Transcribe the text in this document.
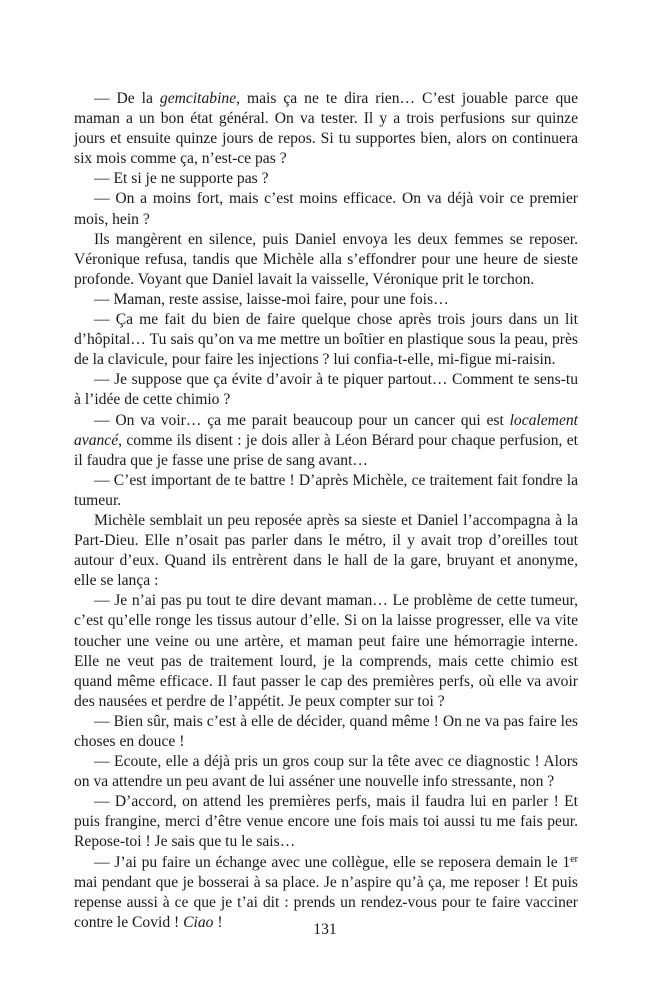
— De la gemcitabine, mais ça ne te dira rien… C’est jouable parce que maman a un bon état général. On va tester. Il y a trois perfusions sur quinze jours et ensuite quinze jours de repos. Si tu supportes bien, alors on continuera six mois comme ça, n’est-ce pas ?

— Et si je ne supporte pas ?

— On a moins fort, mais c’est moins efficace. On va déjà voir ce premier mois, hein ?

Ils mangèrent en silence, puis Daniel envoya les deux femmes se reposer. Véronique refusa, tandis que Michèle alla s’effondrer pour une heure de sieste profonde. Voyant que Daniel lavait la vaisselle, Véronique prit le torchon.

— Maman, reste assise, laisse-moi faire, pour une fois…

— Ça me fait du bien de faire quelque chose après trois jours dans un lit d’hôpital… Tu sais qu’on va me mettre un boîtier en plastique sous la peau, près de la clavicule, pour faire les injections ? lui confia-t-elle, mi-figue mi-raisin.

— Je suppose que ça évite d’avoir à te piquer partout… Comment te sens-tu à l’idée de cette chimio ?

— On va voir… ça me parait beaucoup pour un cancer qui est localement avancé, comme ils disent : je dois aller à Léon Bérard pour chaque perfusion, et il faudra que je fasse une prise de sang avant…

— C’est important de te battre ! D’après Michèle, ce traitement fait fondre la tumeur.

Michèle semblait un peu reposée après sa sieste et Daniel l’accompagna à la Part-Dieu. Elle n’osait pas parler dans le métro, il y avait trop d’oreilles tout autour d’eux. Quand ils entrèrent dans le hall de la gare, bruyant et anonyme, elle se lança :

— Je n’ai pas pu tout te dire devant maman… Le problème de cette tumeur, c’est qu’elle ronge les tissus autour d’elle. Si on la laisse progresser, elle va vite toucher une veine ou une artère, et maman peut faire une hémorragie interne. Elle ne veut pas de traitement lourd, je la comprends, mais cette chimio est quand même efficace. Il faut passer le cap des premières perfs, où elle va avoir des nausées et perdre de l’appétit. Je peux compter sur toi ?

— Bien sûr, mais c’est à elle de décider, quand même ! On ne va pas faire les choses en douce !

— Ecoute, elle a déjà pris un gros coup sur la tête avec ce diagnostic ! Alors on va attendre un peu avant de lui asséner une nouvelle info stressante, non ?

— D’accord, on attend les premières perfs, mais il faudra lui en parler ! Et puis frangine, merci d’être venue encore une fois mais toi aussi tu me fais peur. Repose-toi ! Je sais que tu le sais…

— J’ai pu faire un échange avec une collègue, elle se reposera demain le 1er mai pendant que je bosserai à sa place. Je n’aspire qu’à ça, me reposer ! Et puis repense aussi à ce que je t’ai dit : prends un rendez-vous pour te faire vacciner contre le Covid ! Ciao !	131
